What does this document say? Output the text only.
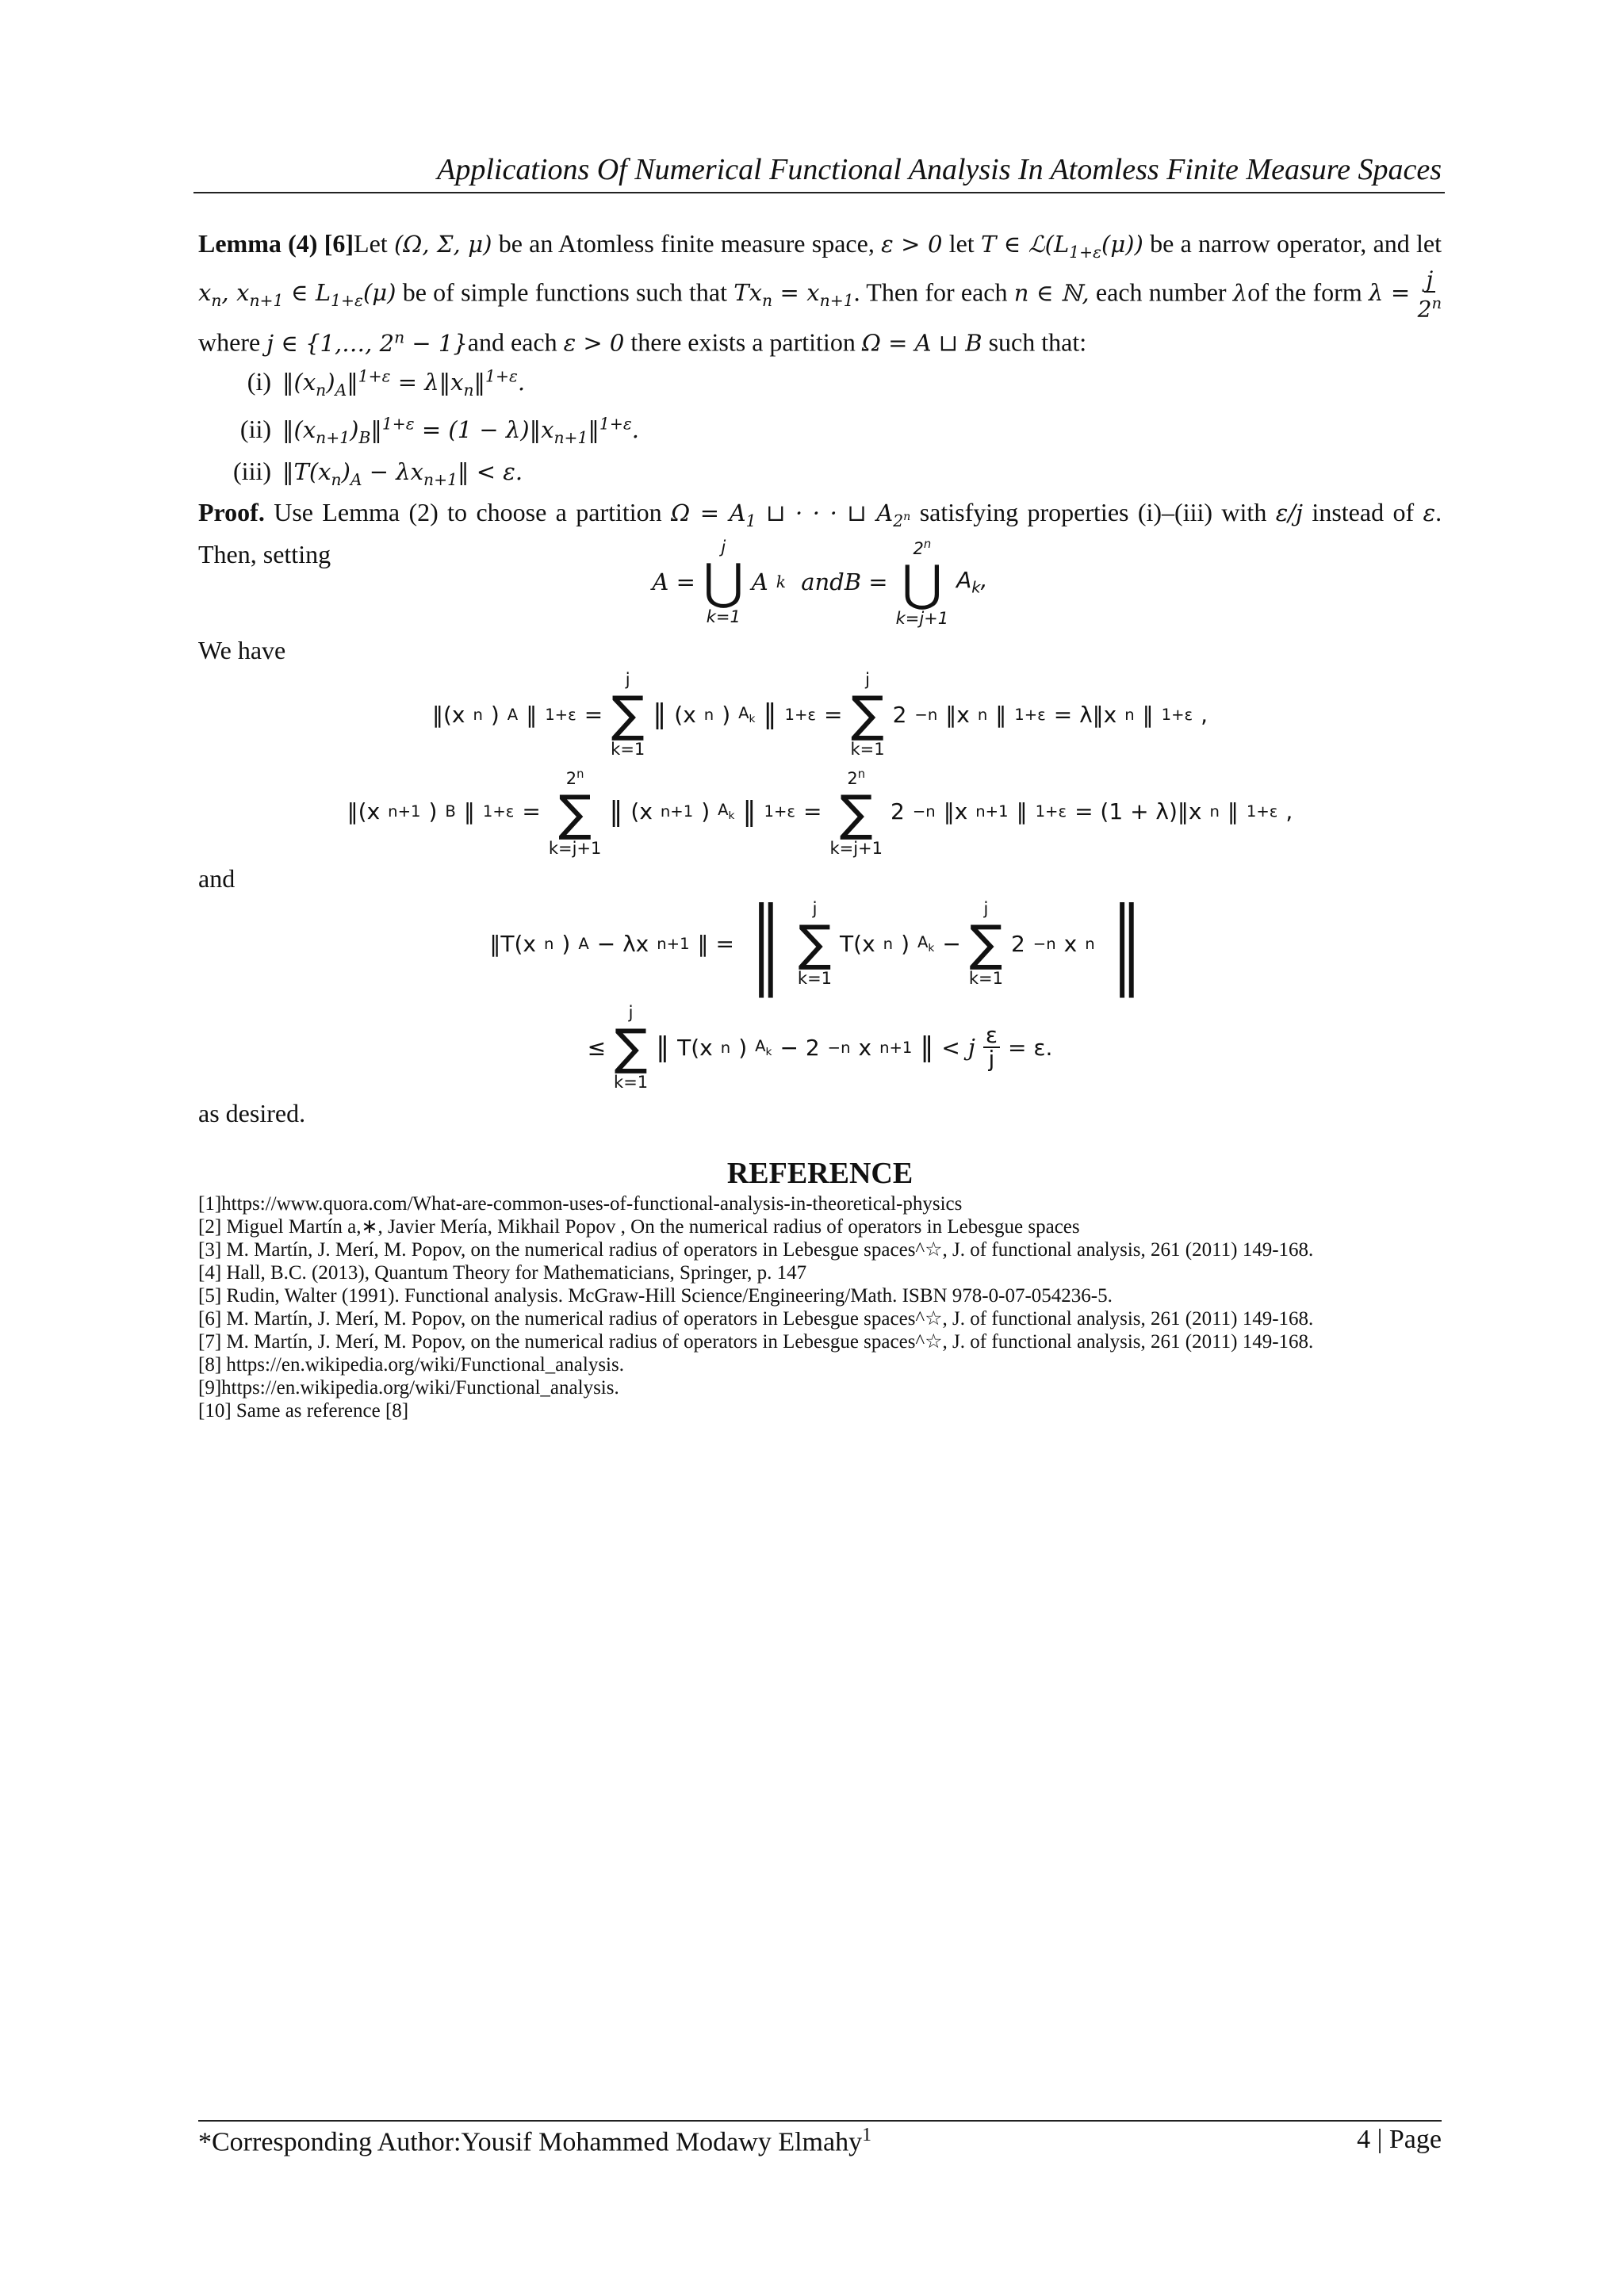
Applications Of Numerical Functional Analysis In Atomless Finite Measure Spaces
Lemma (4) [6]Let (Ω, Σ, μ) be an Atomless finite measure space, ε > 0 let T ∈ $ℒ(L_{1+\varepsilon}(\mu))$ be a narrow operator, and let $x_n$, $x_{n+1}$ ∈ $L_{1+\varepsilon}(\mu)$ be of simple functions such that $Tx_n = x_{n+1}$. Then for each n ∈ ℕ, each number λof the form $\lambda = \frac{j}{2^n}$
where j ∈ {1,…, $2^n - 1\}and$ each ε > 0 there exists a partition Ω = A ⊔ B such that:
(i) $‖(x_n)_A‖^{1+\varepsilon}$ = $\lambda‖x_n‖^{1+\varepsilon}$.
(ii) $‖(x_{n+1})_B‖^{1+\varepsilon} = (1$ − $\lambda)‖x_{n+1}‖^{1+\varepsilon}$.
(iii) $‖T(x_n)_A$ − $\lambda x_{n+1}‖ < \varepsilon$.
Proof. Use Lemma (2) to choose a partition $\Omega = A_1$ ⊔ · · · ⊔ $A_{2^n}$ satisfying properties (i)–(iii) with ε/j instead of ε. Then, setting
A =
j
⋃
k=1
A k andB =
$2^n$
⋃
k=j+1
$A_k$,
We have
‖(x n ) A ‖ 1+ε =
j
∑
k=1
‖ (x n ) $A_k$ ‖ 1+ε =
j
∑
k=1
2 −n ‖x n ‖ 1+ε = λ‖x n ‖ 1+ε ,
‖(x n+1 ) B ‖ 1+ε =
$2^n$
∑
k=j+1
‖ (x n+1 ) $A_k$ ‖ 1+ε =
$2^n$
∑
k=j+1
2 −n ‖x n+1 ‖ 1+ε = (1 + λ)‖x n ‖ 1+ε ,
and
‖T(x n ) A − λx n+1 ‖ = ‖ j
∑
k=1
T(x n ) $A_k$ −
j
∑
k=1
2 −n x n ‖
≤
j
∑
k=1
‖ T(x n ) $A_k - 2 -n$ x n+1 ‖ < j $\frac{\varepsilon}{j} = \varepsilon$.
as desired.
REFERENCE

[1]https://www.quora.com/What-are-common-uses-of-functional-analysis-in-theoretical-physics

[2] Miguel Martín a,∗, Javier Mería, Mikhail Popov , On the numerical radius of operators in Lebesgue spaces

[3] M. Martín, J. Merí, M. Popov, on the numerical radius of operators in Lebesgue spaces^☆, J. of functional analysis, 261 (2011) 149-168.

[4] Hall, B.C. (2013), Quantum Theory for Mathematicians, Springer, p. 147

[5] Rudin, Walter (1991). Functional analysis. McGraw-Hill Science/Engineering/Math. ISBN 978-0-07-054236-5.

[6] M. Martín, J. Merí, M. Popov, on the numerical radius of operators in Lebesgue spaces^☆, J. of functional analysis, 261 (2011) 149-168.

[7] M. Martín, J. Merí, M. Popov, on the numerical radius of operators in Lebesgue spaces^☆, J. of functional analysis, 261 (2011) 149-168.

[8] https://en.wikipedia.org/wiki/Functional_analysis.

[9]https://en.wikipedia.org/wiki/Functional_analysis.

[10] Same as reference [8]

*Corresponding Author:Yousif Mohammed Modawy Elmahy$^1$	4 | Page
